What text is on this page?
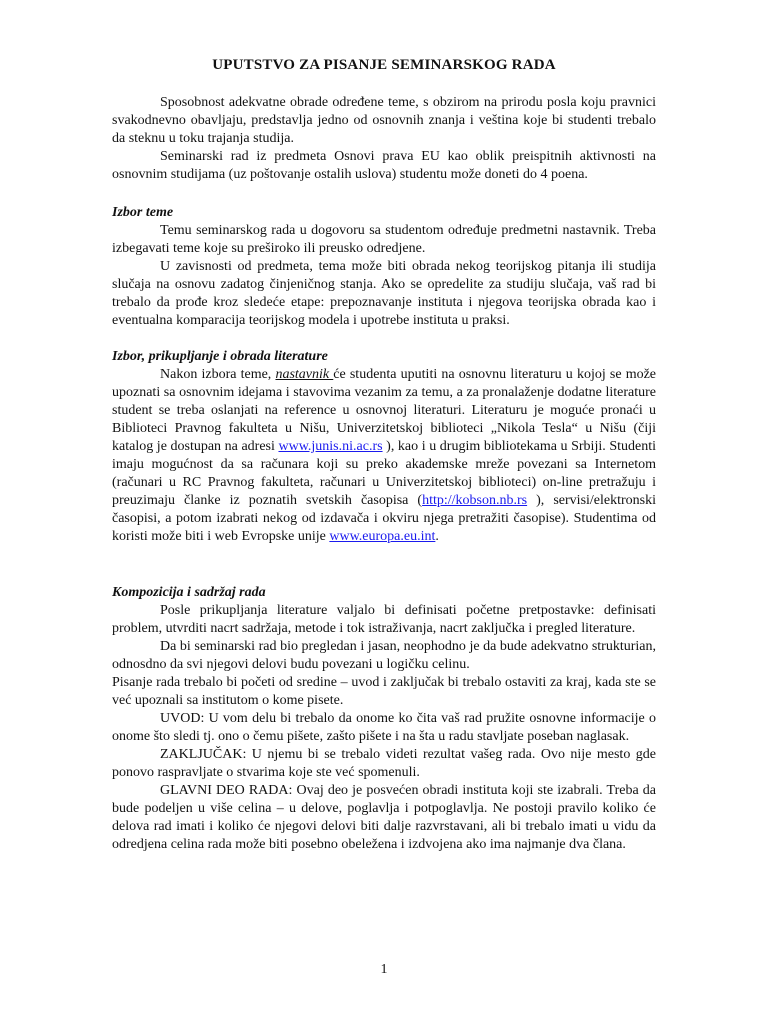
UPUTSTVO ZA PISANJE SEMINARSKOG RADA

Sposobnost adekvatne obrade određene teme, s obzirom na prirodu posla koju pravnici svakodnevno obavljaju, predstavlja jedno od osnovnih znanja i veština koje bi studenti trebalo da steknu u toku trajanja studija.

Seminarski rad iz predmeta Osnovi prava EU kao oblik preispitnih aktivnosti na osnovnim studijama (uz poštovanje ostalih uslova) studentu može doneti do 4 poena.

Izbor teme

Temu seminarskog rada u dogovoru sa studentom određuje predmetni nastavnik. Treba izbegavati teme koje su preširoko ili preusko odredjene.

U zavisnosti od predmeta, tema može biti obrada nekog teorijskog pitanja ili studija slučaja na osnovu zadatog činjeničnog stanja. Ako se opredelite za studiju slučaja, vaš rad bi trebalo da prođe kroz sledeće etape: prepoznavanje instituta i njegova teorijska obrada kao i eventualna komparacija teorijskog modela i upotrebe instituta u praksi.

Izbor, prikupljanje i obrada literature

Nakon izbora teme, nastavnik će studenta uputiti na osnovnu literaturu u kojoj se može upoznati sa osnovnim idejama i stavovima vezanim za temu, a za pronalaženje dodatne literature student se treba oslanjati na reference u osnovnoj literaturi. Literaturu je moguće pronaći u Biblioteci Pravnog fakulteta u Nišu, Univerzitetskoj biblioteci „Nikola Tesla“ u Nišu (čiji katalog je dostupan na adresi www.junis.ni.ac.rs ), kao i u drugim bibliotekama u Srbiji. Studenti imaju mogućnost da sa računara koji su preko akademske mreže povezani sa Internetom (računari u RC Pravnog fakulteta, računari u Univerzitetskoj biblioteci) on-line pretražuju i preuzimaju članke iz poznatih svetskih časopisa (http://kobson.nb.rs ), servisi/elektronski časopisi, a potom izabrati nekog od izdavača i okviru njega pretražiti časopise). Studentima od koristi može biti i web Evropske unije www.europa.eu.int.

Kompozicija i sadržaj rada

Posle prikupljanja literature valjalo bi definisati početne pretpostavke: definisati problem, utvrditi nacrt sadržaja, metode i tok istraživanja, nacrt zaključka i pregled literature.

Da bi seminarski rad bio pregledan i jasan, neophodno je da bude adekvatno strukturian, odnosdno da svi njegovi delovi budu povezani u logičku celinu.

Pisanje rada trebalo bi početi od sredine – uvod i zaključak bi trebalo ostaviti za kraj, kada ste se već upoznali sa institutom o kome pisete.

UVOD: U vom delu bi trebalo da onome ko čita vaš rad pružite osnovne informacije o onome što sledi tj. ono o čemu pišete, zašto pišete i na šta u radu stavljate poseban naglasak.

ZAKLJUČAK: U njemu bi se trebalo videti rezultat vašeg rada. Ovo nije mesto gde ponovo raspravljate o stvarima koje ste već spomenuli.

GLAVNI DEO RADA: Ovaj deo je posvećen obradi instituta koji ste izabrali. Treba da bude podeljen u više celina – u delove, poglavlja i potpoglavlja. Ne postoji pravilo koliko će delova rad imati i koliko će njegovi delovi biti dalje razvrstavani, ali bi trebalo imati u vidu da odredjena celina rada može biti posebno obeležena i izdvojena ako ima najmanje dva člana.

1
